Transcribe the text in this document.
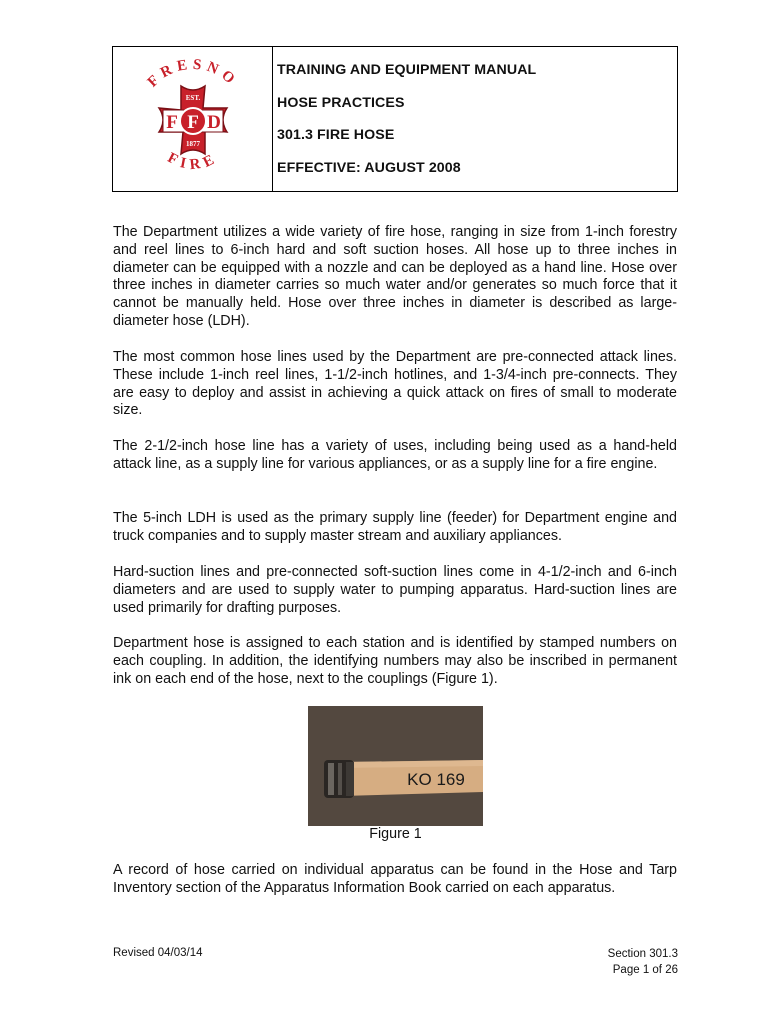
FRESNO
EST.
F F D
1877
FIRE
TRAINING AND EQUIPMENT MANUAL
HOSE PRACTICES
301.3 FIRE HOSE
EFFECTIVE: AUGUST 2008
The Department utilizes a wide variety of fire hose, ranging in size from 1-inch forestry and reel lines to 6-inch hard and soft suction hoses. All hose up to three inches in diameter can be equipped with a nozzle and can be deployed as a hand line. Hose over three inches in diameter carries so much water and/or generates so much force that it cannot be manually held. Hose over three inches in diameter is described as large-diameter hose (LDH).
The most common hose lines used by the Department are pre-connected attack lines. These include 1-inch reel lines, 1-1/2-inch hotlines, and 1-3/4-inch pre-connects. They are easy to deploy and assist in achieving a quick attack on fires of small to moderate size.
The 2-1/2-inch hose line has a variety of uses, including being used as a hand-held attack line, as a supply line for various appliances, or as a supply line for a fire engine.
The 5-inch LDH is used as the primary supply line (feeder) for Department engine and truck companies and to supply master stream and auxiliary appliances.
Hard-suction lines and pre-connected soft-suction lines come in 4-1/2-inch and 6-inch diameters and are used to supply water to pumping apparatus. Hard-suction lines are used primarily for drafting purposes.
Department hose is assigned to each station and is identified by stamped numbers on each coupling. In addition, the identifying numbers may also be inscribed in permanent ink on each end of the hose, next to the couplings (Figure 1).
KO 169
Figure 1
A record of hose carried on individual apparatus can be found in the Hose and Tarp Inventory section of the Apparatus Information Book carried on each apparatus.
Revised 04/03/14	Section 301.3
Page 1 of 26
